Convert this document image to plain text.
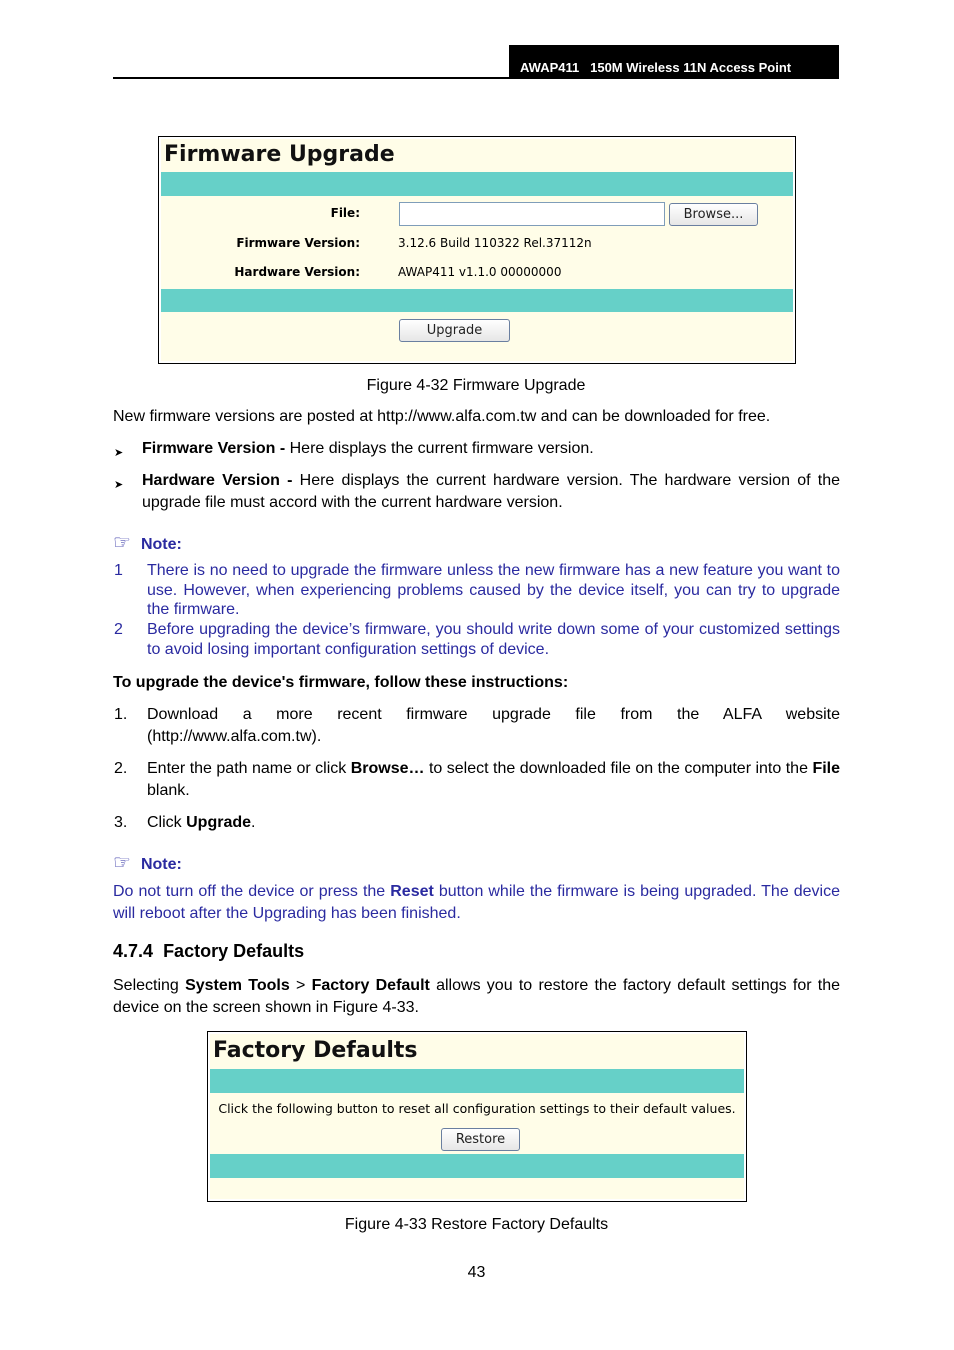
AWAP411 150M Wireless 11N Access Point
Firmware Upgrade
File:	Browse...
Firmware Version:	3.12.6 Build 110322 Rel.37112n
Hardware Version:	AWAP411 v1.1.0 00000000
Upgrade
Figure 4-32 Firmware Upgrade
New firmware versions are posted at http://www.alfa.com.tw and can be downloaded for free.
➤ Firmware Version - Here displays the current firmware version.
➤ Hardware Version - Here displays the current hardware version. The hardware version of the upgrade file must accord with the current hardware version.
☞ Note:
1 There is no need to upgrade the firmware unless the new firmware has a new feature you want to use. However, when experiencing problems caused by the device itself, you can try to upgrade the firmware.
2 Before upgrading the device’s firmware, you should write down some of your customized settings to avoid losing important configuration settings of device.
To upgrade the device's firmware, follow these instructions:
1. Download a more recent firmware upgrade file from the ALFA website
(http://www.alfa.com.tw).
2. Enter the path name or click Browse… to select the downloaded file on the computer into the File blank.
3. Click Upgrade.
☞ Note:
Do not turn off the device or press the Reset button while the firmware is being upgraded. The device will reboot after the Upgrading has been finished.
4.7.4 Factory Defaults
Selecting System Tools > Factory Default allows you to restore the factory default settings for the device on the screen shown in Figure 4-33.
Factory Defaults
Click the following button to reset all configuration settings to their default values.
Restore
Figure 4-33 Restore Factory Defaults
43
